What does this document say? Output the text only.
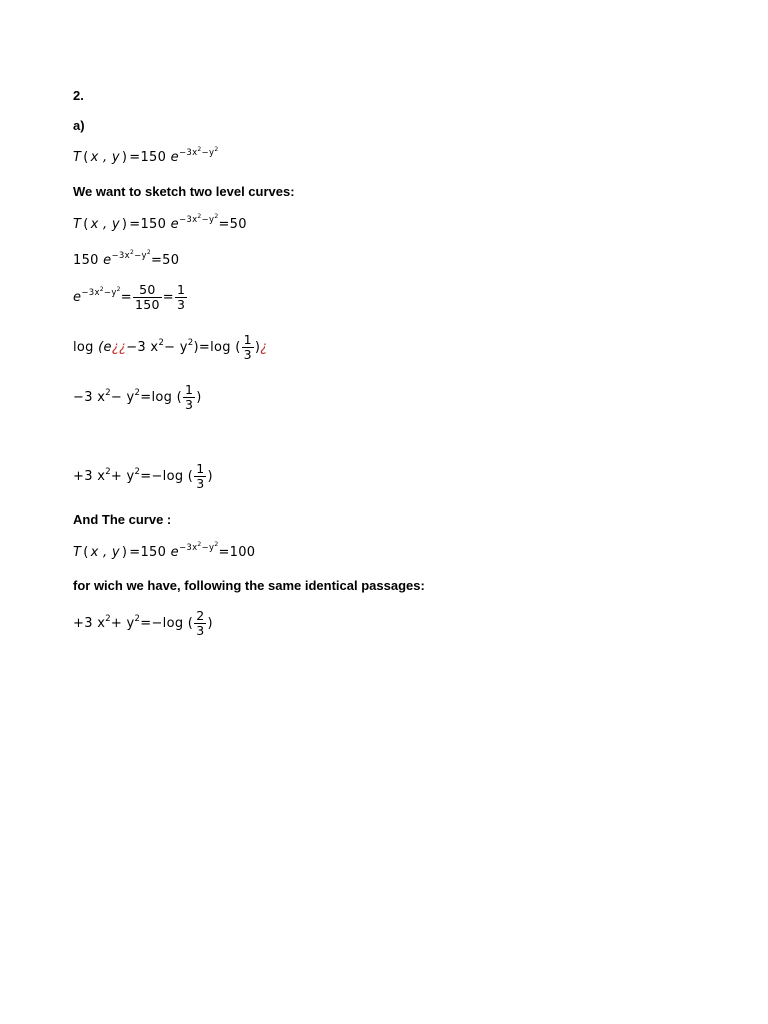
2.
a)
T ( x , y ) =150 $e^{-3x^2-y^2}$
We want to sketch two level curves:
T ( x , y ) =150 $e^{-3x^2-y^2}=50$
150 $e^{-3x^2-y^2}=50$
$e^{-3x^2-y^2}= \frac{50}{150} = \frac{1}{3}$
log (e¿¿−3 $x^2- y^2)=\log$ ( $\frac{1}{3}$ )¿
−3 $x^2- y^2=\log$ ( $\frac{1}{3}$ )
+3 $x^2+ y^2=-\log$ ( $\frac{1}{3}$ )
And The curve :
T ( x , y ) =150 $e^{-3x^2-y^2}=100$
for wich we have, following the same identical passages:
+3 $x^2+ y^2=-\log$ ( $\frac{2}{3}$ )
